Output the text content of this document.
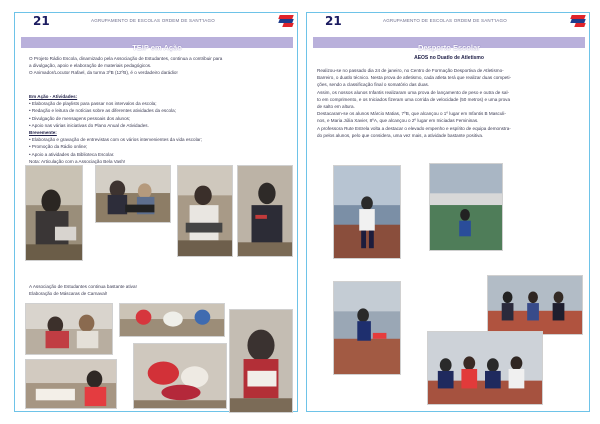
21	AGRUPAMENTO DE ESCOLAS ORDEM DE SANT'IAGO
TEIP em Ação

O Projeto Rádio Escola, dinamizado pela Associação de Estudantes, continua a contribuir para

a divulgação, apoio e elaboração de materiais pedagógicos.

O Animador/Locutor Rafael, da turma 3ºB (12ºB), é o verdadeiro darádio!

Em Ação - Atividades:

• Elaboração de playlists para passar nos intervalos da escola;

• Redação e leitura de notícias sobre as diferentes atividades da escola;

• Divulgação de mensagens pessoais dos alunos;

• Apoio nas várias iniciativas do Plano Anual de Atividades.

Brevemente:

• Elaboração e gravação de entrevistas com os vários intervenientes da vida escolar;

• Promoção da Rádio online;

• Apoio a atividades da Biblioteca Escolar.

Nota: Articulação com a Associação Bela Vash!

A Associação de Estudantes continua bastante ativa!

Elaboração de Máscaras de Carnaval!

21	AGRUPAMENTO DE ESCOLAS ORDEM DE SANT'IAGO
Desporto Escolar
AEOS no Duatlo de Atletismo

Realizou-se no passado dia 24 de janeiro, no Centro de Formação Desportiva de Atletismo-

Barreiro, o duatlo técnico. Nesta prova de atletismo, cada atleta terá que realizar duas competi-

ções, sendo a classificação final o somatório das duas.

Assim, os nossos alunos Infantis realizaram uma prova de lançamento de peso e outra de sal-

to em comprimento, e os Iniciados fizeram uma corrida de velocidade (50 metros) e uma prova

de salto em altura.

Destacaram-se os alunos Márcio Matias, 7ºB, que alcançou o 1º lugar em Infantis B Masculi-

nos, e Maria Júlia Xavier, 8ºA, que alcançou o 2º lugar em Iniciadas Femininas.

A professora Rute Estrela volta a destacar o elevado empenho e espírito de equipa demonstra-

do pelos alunos, pelo que considera, uma vez mais, a atividade bastante positiva.
